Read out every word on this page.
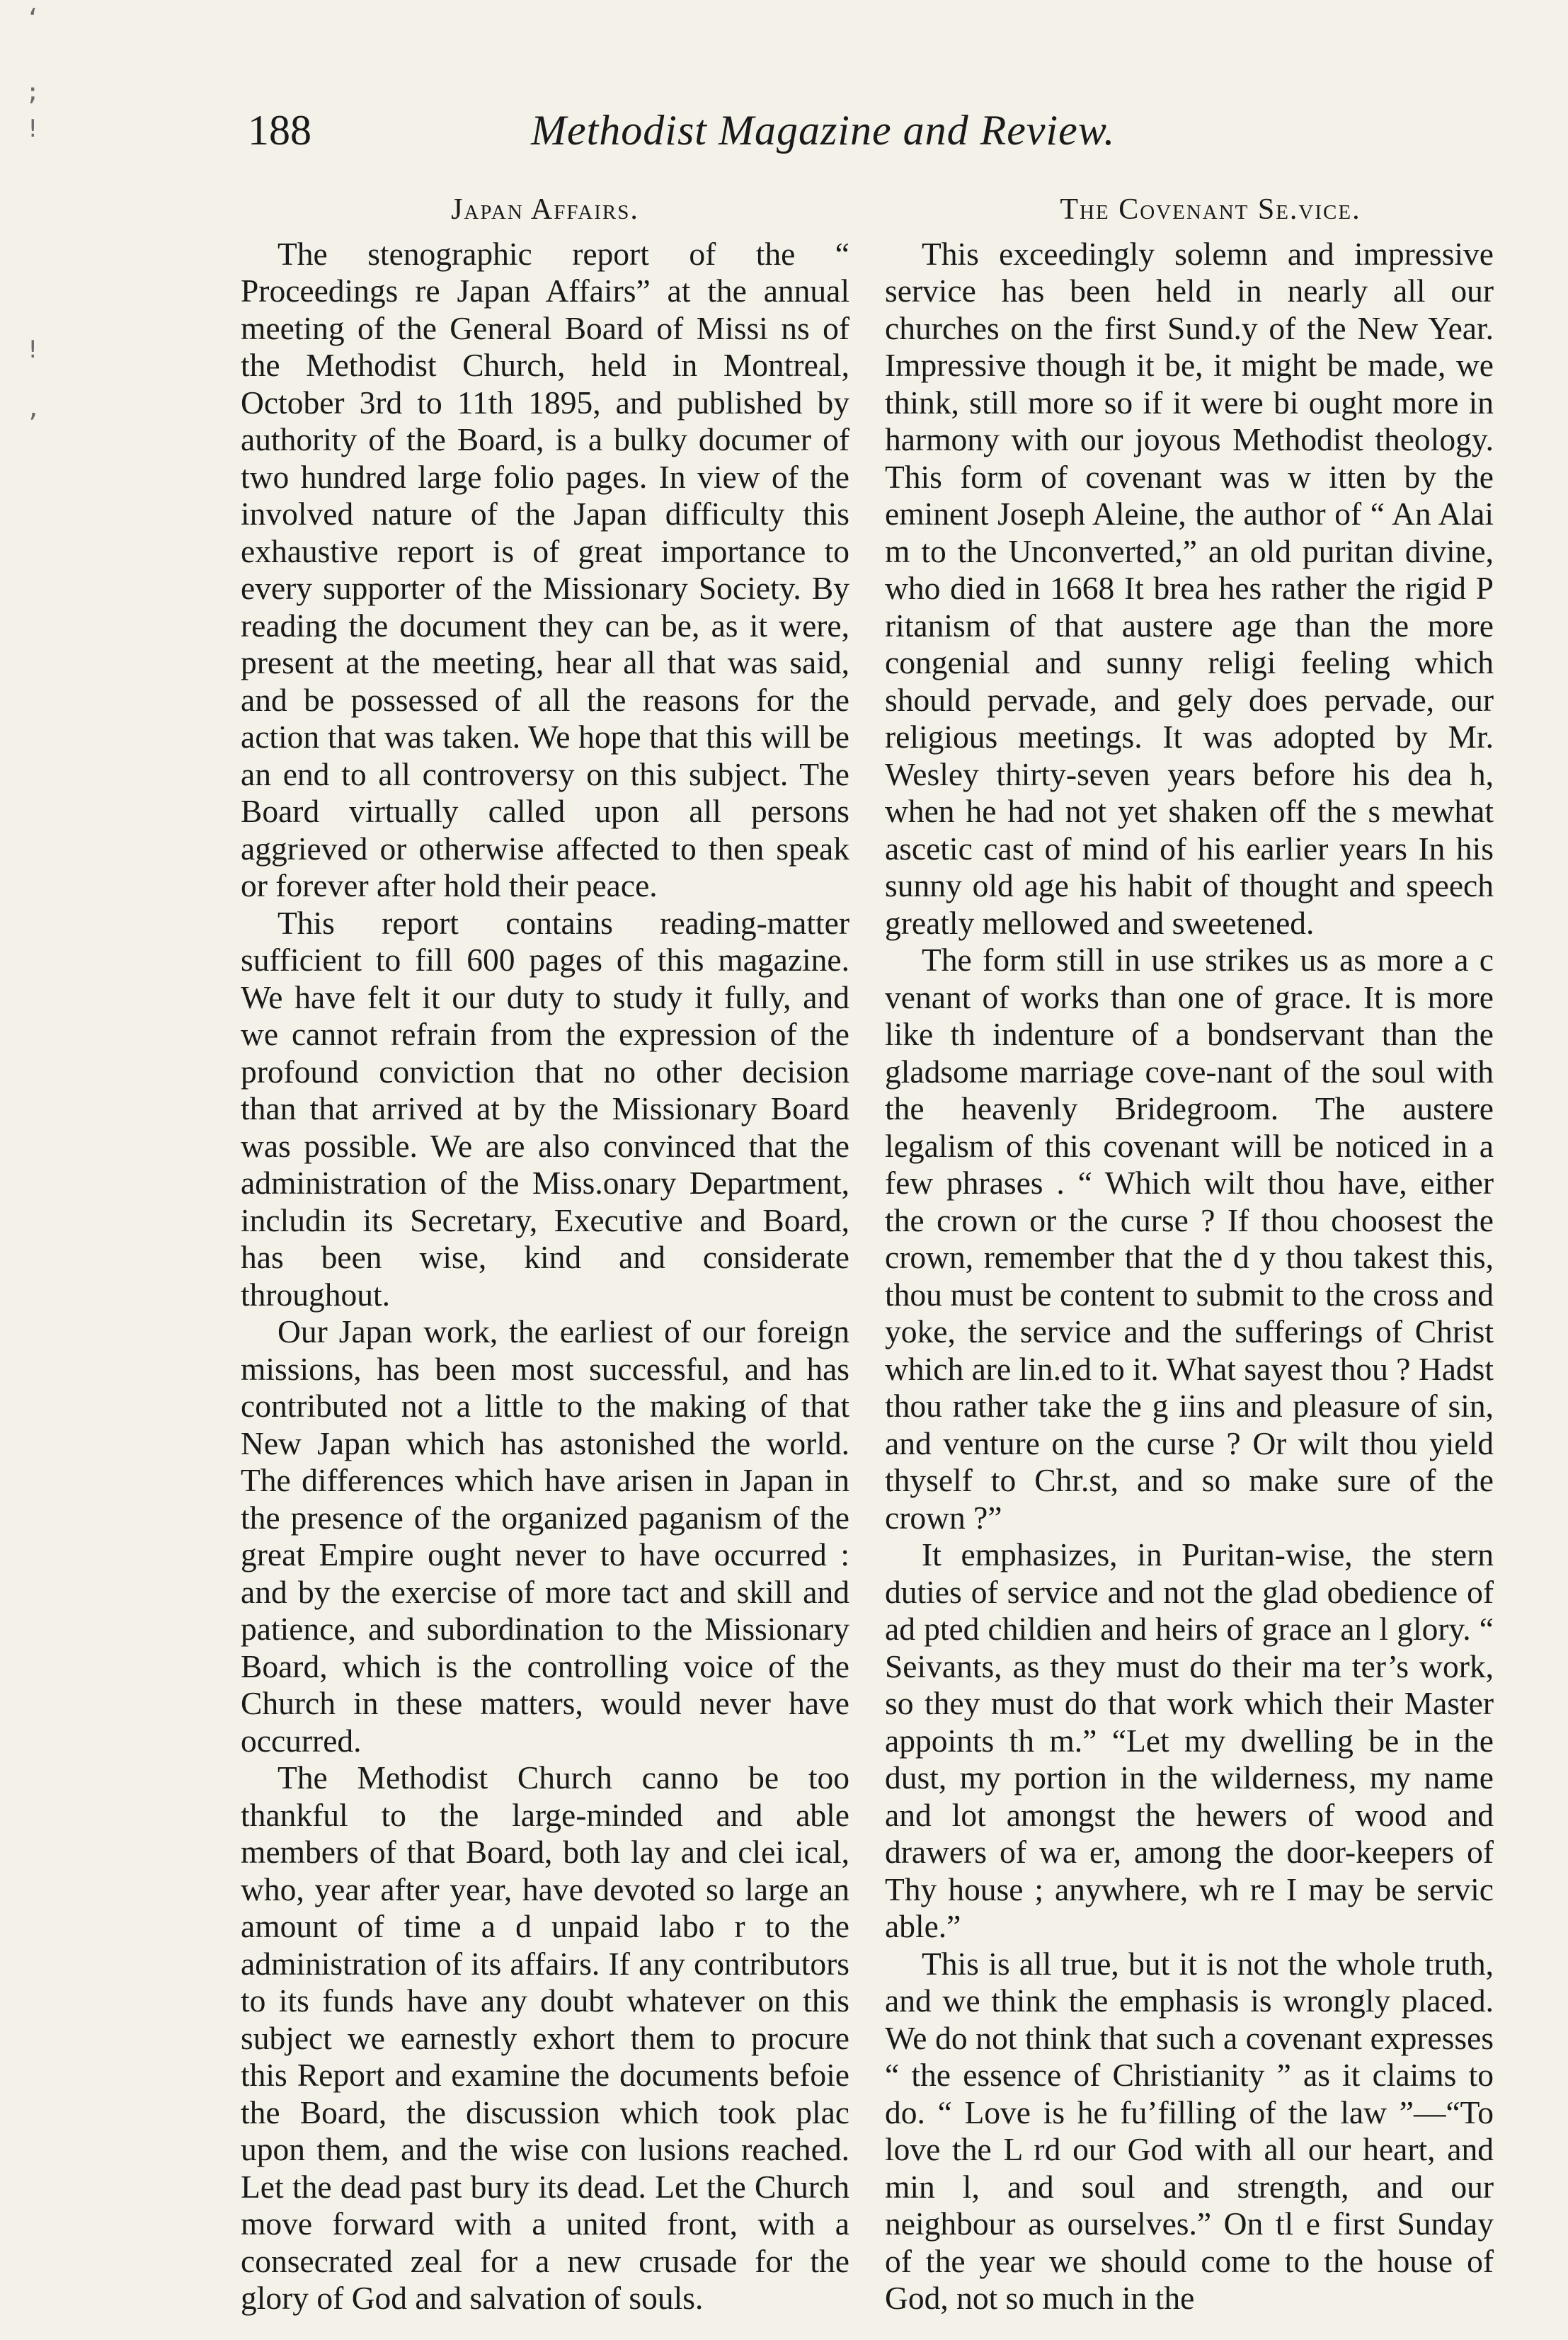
‘

;
!

!

’
188	Methodist Magazine and Review.
Japan Affairs.

The stenographic report of the “ Proceedings re Japan Affairs” at the annual meeting of the General Board of Missi ns of the Methodist Church, held in Montreal, October 3rd to 11th 1895, and published by authority of the Board, is a bulky documer of two hundred large folio pages. In view of the involved nature of the Japan difficulty this exhaustive report is of great importance to every supporter of the Missionary Society. By reading the document they can be, as it were, present at the meeting, hear all that was said, and be possessed of all the reasons for the action that was taken. We hope that this will be an end to all controversy on this subject. The Board virtually called upon all persons aggrieved or otherwise affected to then speak or forever after hold their peace.

This report contains reading-matter sufficient to fill 600 pages of this magazine. We have felt it our duty to study it fully, and we cannot refrain from the expression of the profound conviction that no other decision than that arrived at by the Missionary Board was possible. We are also convinced that the administration of the Miss.onary Department, includin its Secretary, Executive and Board, has been wise, kind and considerate throughout.

Our Japan work, the earliest of our foreign missions, has been most successful, and has contributed not a little to the making of that New Japan which has astonished the world. The differences which have arisen in Japan in the presence of the organized paganism of the great Empire ought never to have occurred : and by the exercise of more tact and skill and patience, and subordination to the Missionary Board, which is the controlling voice of the Church in these matters, would never have occurred.

The Methodist Church canno be too thankful to the large-minded and able members of that Board, both lay and clei ical, who, year after year, have devoted so large an amount of time a d unpaid labo r to the administration of its affairs. If any contributors to its funds have any doubt whatever on this subject we earnestly exhort them to procure this Report and examine the documents befoie the Board, the discussion which took plac upon them, and the wise con lusions reached. Let the dead past bury its dead. Let the Church move forward with a united front, with a consecrated zeal for a new crusade for the glory of God and salvation of souls.

The Covenant Se.vice.

This exceedingly solemn and impressive service has been held in nearly all our churches on the first Sund.y of the New Year. Impressive though it be, it might be made, we think, still more so if it were bi ought more in harmony with our joyous Methodist theology. This form of covenant was w itten by the eminent Joseph Aleine, the author of “ An Alai m to the Unconverted,” an old puritan divine, who died in 1668 It brea hes rather the rigid P ritanism of that austere age than the more congenial and sunny religi feeling which should pervade, and gely does pervade, our religious meetings. It was adopted by Mr. Wesley thirty-seven years before his dea h, when he had not yet shaken off the s mewhat ascetic cast of mind of his earlier years In his sunny old age his habit of thought and speech greatly mellowed and sweetened.

The form still in use strikes us as more a c venant of works than one of grace. It is more like th indenture of a bondservant than the gladsome marriage cove-nant of the soul with the heavenly Bridegroom. The austere legalism of this covenant will be noticed in a few phrases . “ Which wilt thou have, either the crown or the curse ? If thou choosest the crown, remember that the d y thou takest this, thou must be content to submit to the cross and yoke, the service and the sufferings of Christ which are lin.ed to it. What sayest thou ? Hadst thou rather take the g iins and pleasure of sin, and venture on the curse ? Or wilt thou yield thyself to Chr.st, and so make sure of the crown ?”

It emphasizes, in Puritan-wise, the stern duties of service and not the glad obedience of ad pted childien and heirs of grace an l glory. “ Seivants, as they must do their ma ter’s work, so they must do that work which their Master appoints th m.” “Let my dwelling be in the dust, my portion in the wilderness, my name and lot amongst the hewers of wood and drawers of wa er, among the door-keepers of Thy house ; anywhere, wh re I may be servic able.”

This is all true, but it is not the whole truth, and we think the emphasis is wrongly placed. We do not think that such a covenant expresses “ the essence of Christianity ” as it claims to do. “ Love is he fu’filling of the law ”—“To love the L rd our God with all our heart, and min l, and soul and strength, and our neighbour as ourselves.” On tl e first Sunday of the year we should come to the house of God, not so much in the
